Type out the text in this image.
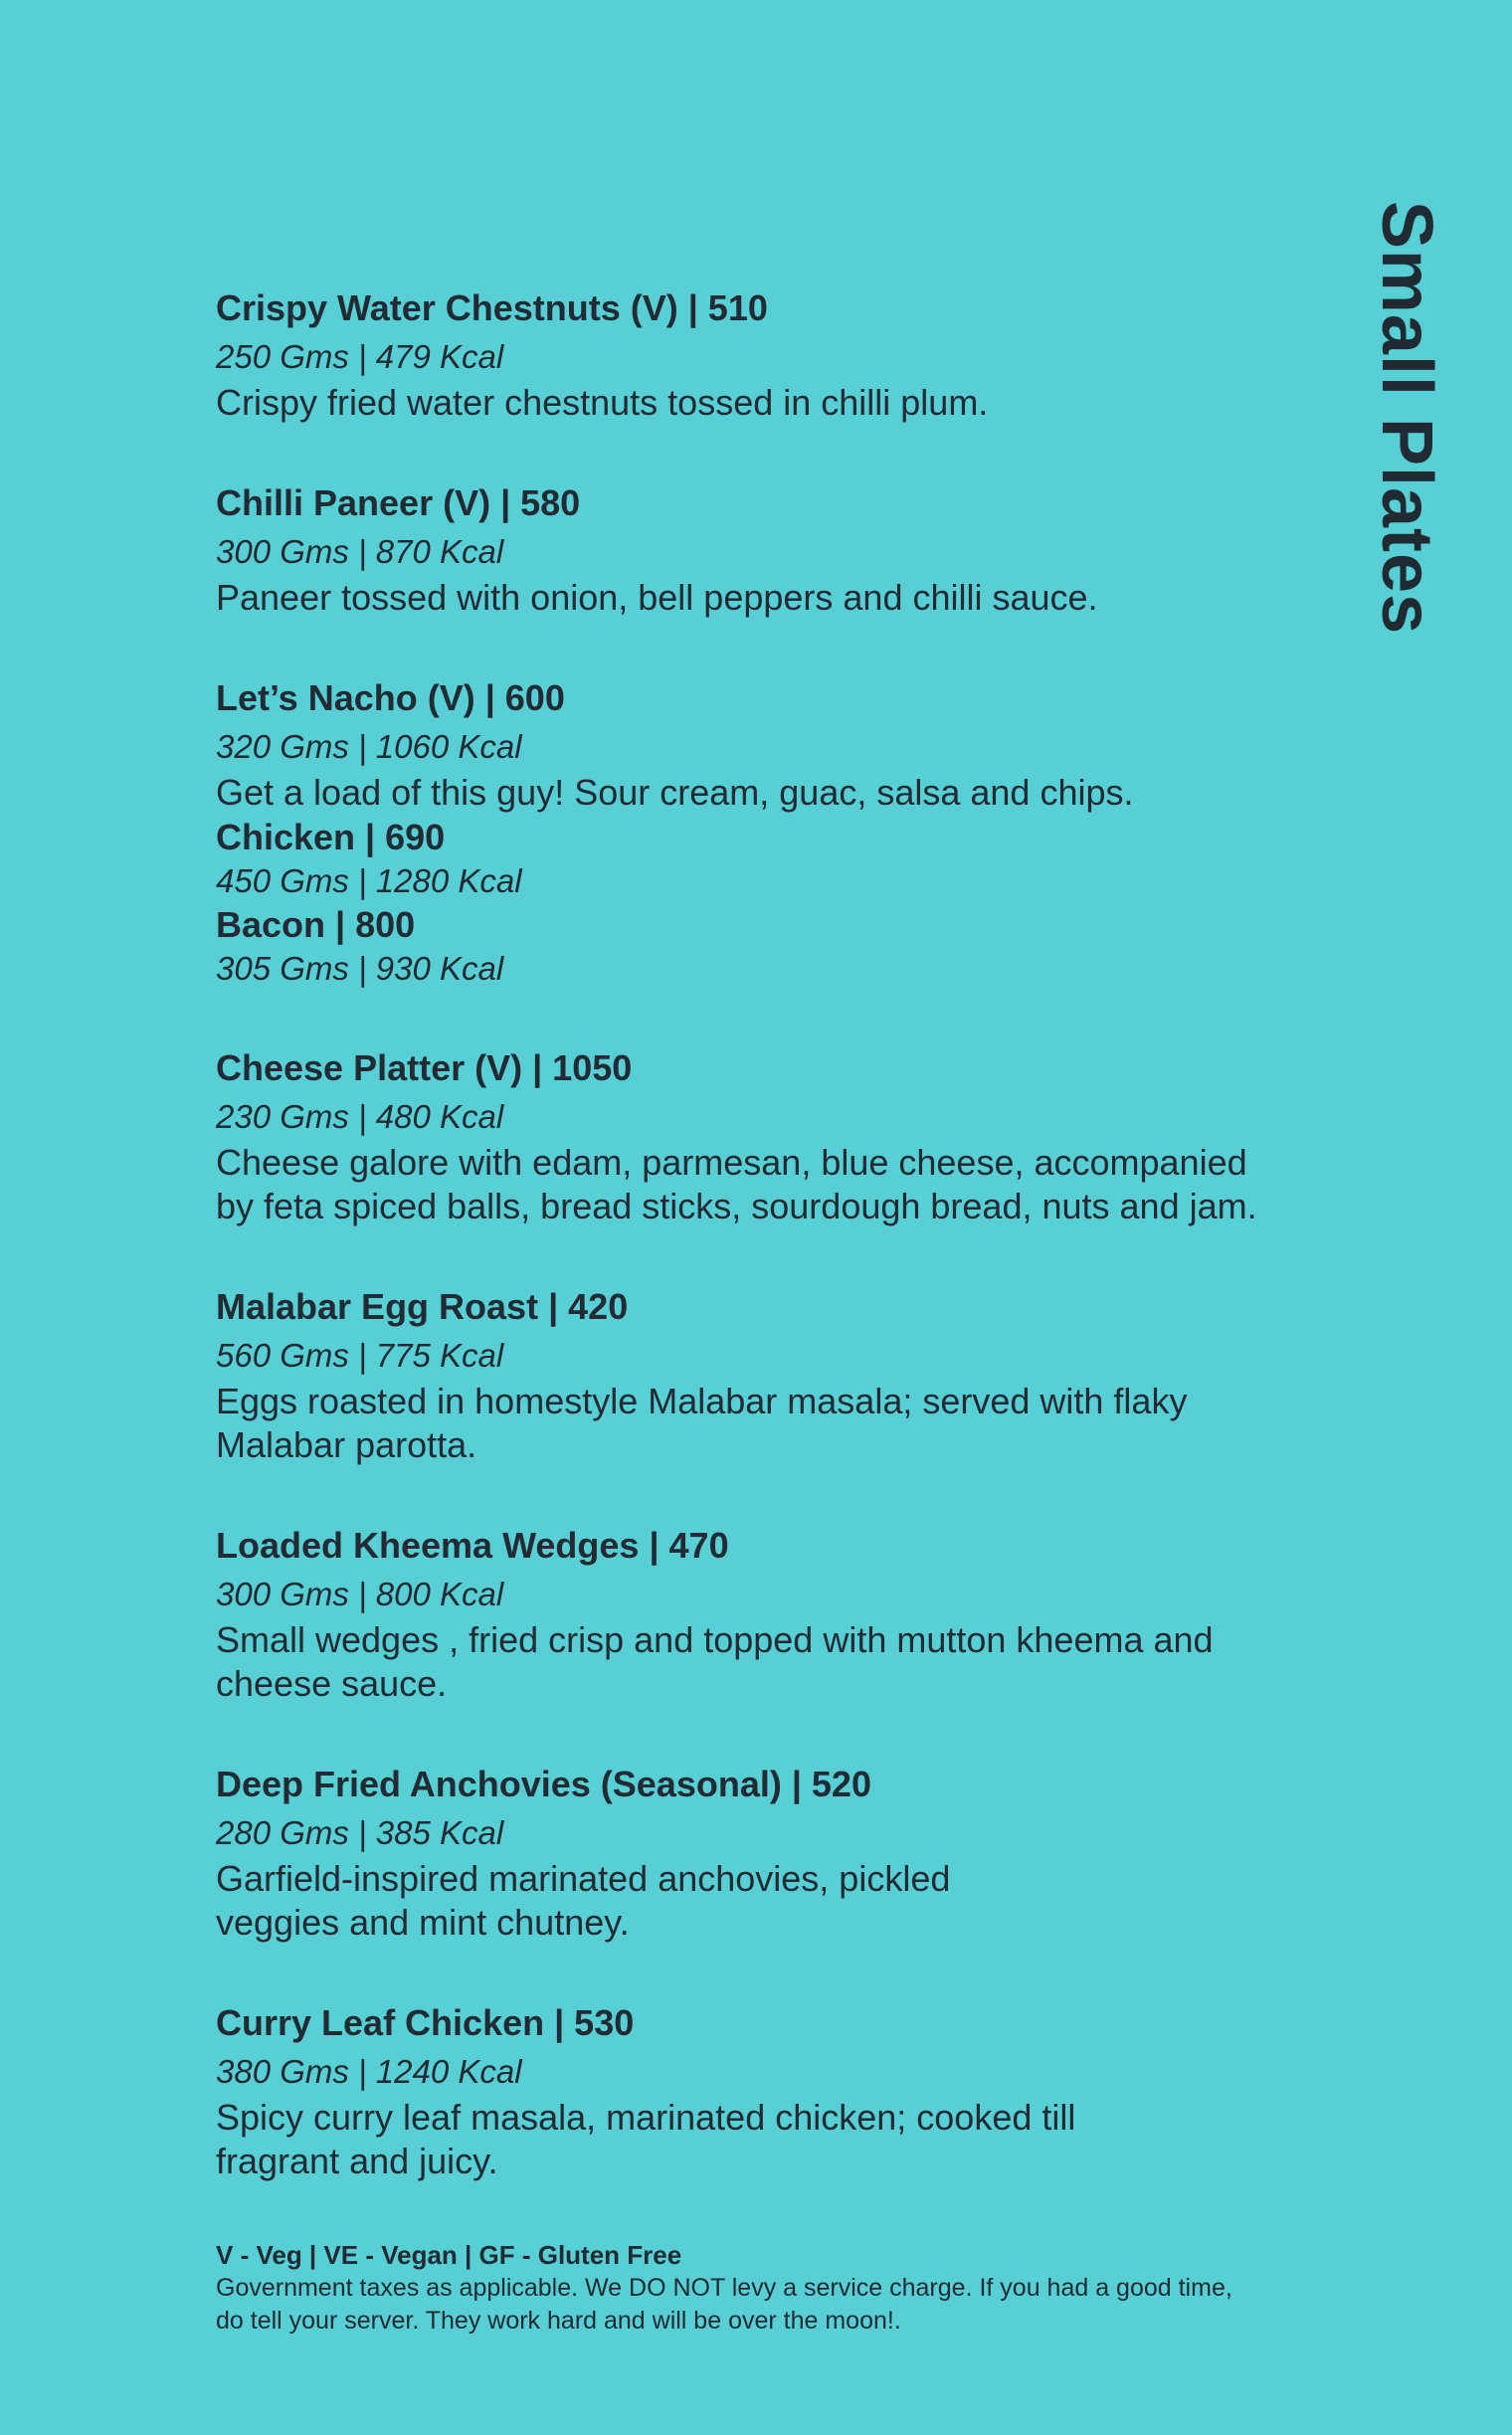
Small Plates
Crispy Water Chestnuts (V) | 510
250 Gms | 479 Kcal
Crispy fried water chestnuts tossed in chilli plum.
Chilli Paneer (V) | 580
300 Gms | 870 Kcal
Paneer tossed with onion, bell peppers and chilli sauce.
Let’s Nacho (V) | 600
320 Gms | 1060 Kcal
Get a load of this guy! Sour cream, guac, salsa and chips.
Chicken | 690
450 Gms | 1280 Kcal
Bacon | 800
305 Gms | 930 Kcal
Cheese Platter (V) | 1050
230 Gms | 480 Kcal
Cheese galore with edam, parmesan, blue cheese, accompanied
by feta spiced balls, bread sticks, sourdough bread, nuts and jam.
Malabar Egg Roast | 420
560 Gms | 775 Kcal
Eggs roasted in homestyle Malabar masala; served with flaky
Malabar parotta.
Loaded Kheema Wedges | 470
300 Gms | 800 Kcal
Small wedges , fried crisp and topped with mutton kheema and
cheese sauce.
Deep Fried Anchovies (Seasonal) | 520
280 Gms | 385 Kcal
Garfield-inspired marinated anchovies, pickled
veggies and mint chutney.
Curry Leaf Chicken | 530
380 Gms | 1240 Kcal
Spicy curry leaf masala, marinated chicken; cooked till
fragrant and juicy.
V - Veg | VE - Vegan | GF - Gluten Free
Government taxes as applicable. We DO NOT levy a service charge. If you had a good time,
do tell your server. They work hard and will be over the moon!.
